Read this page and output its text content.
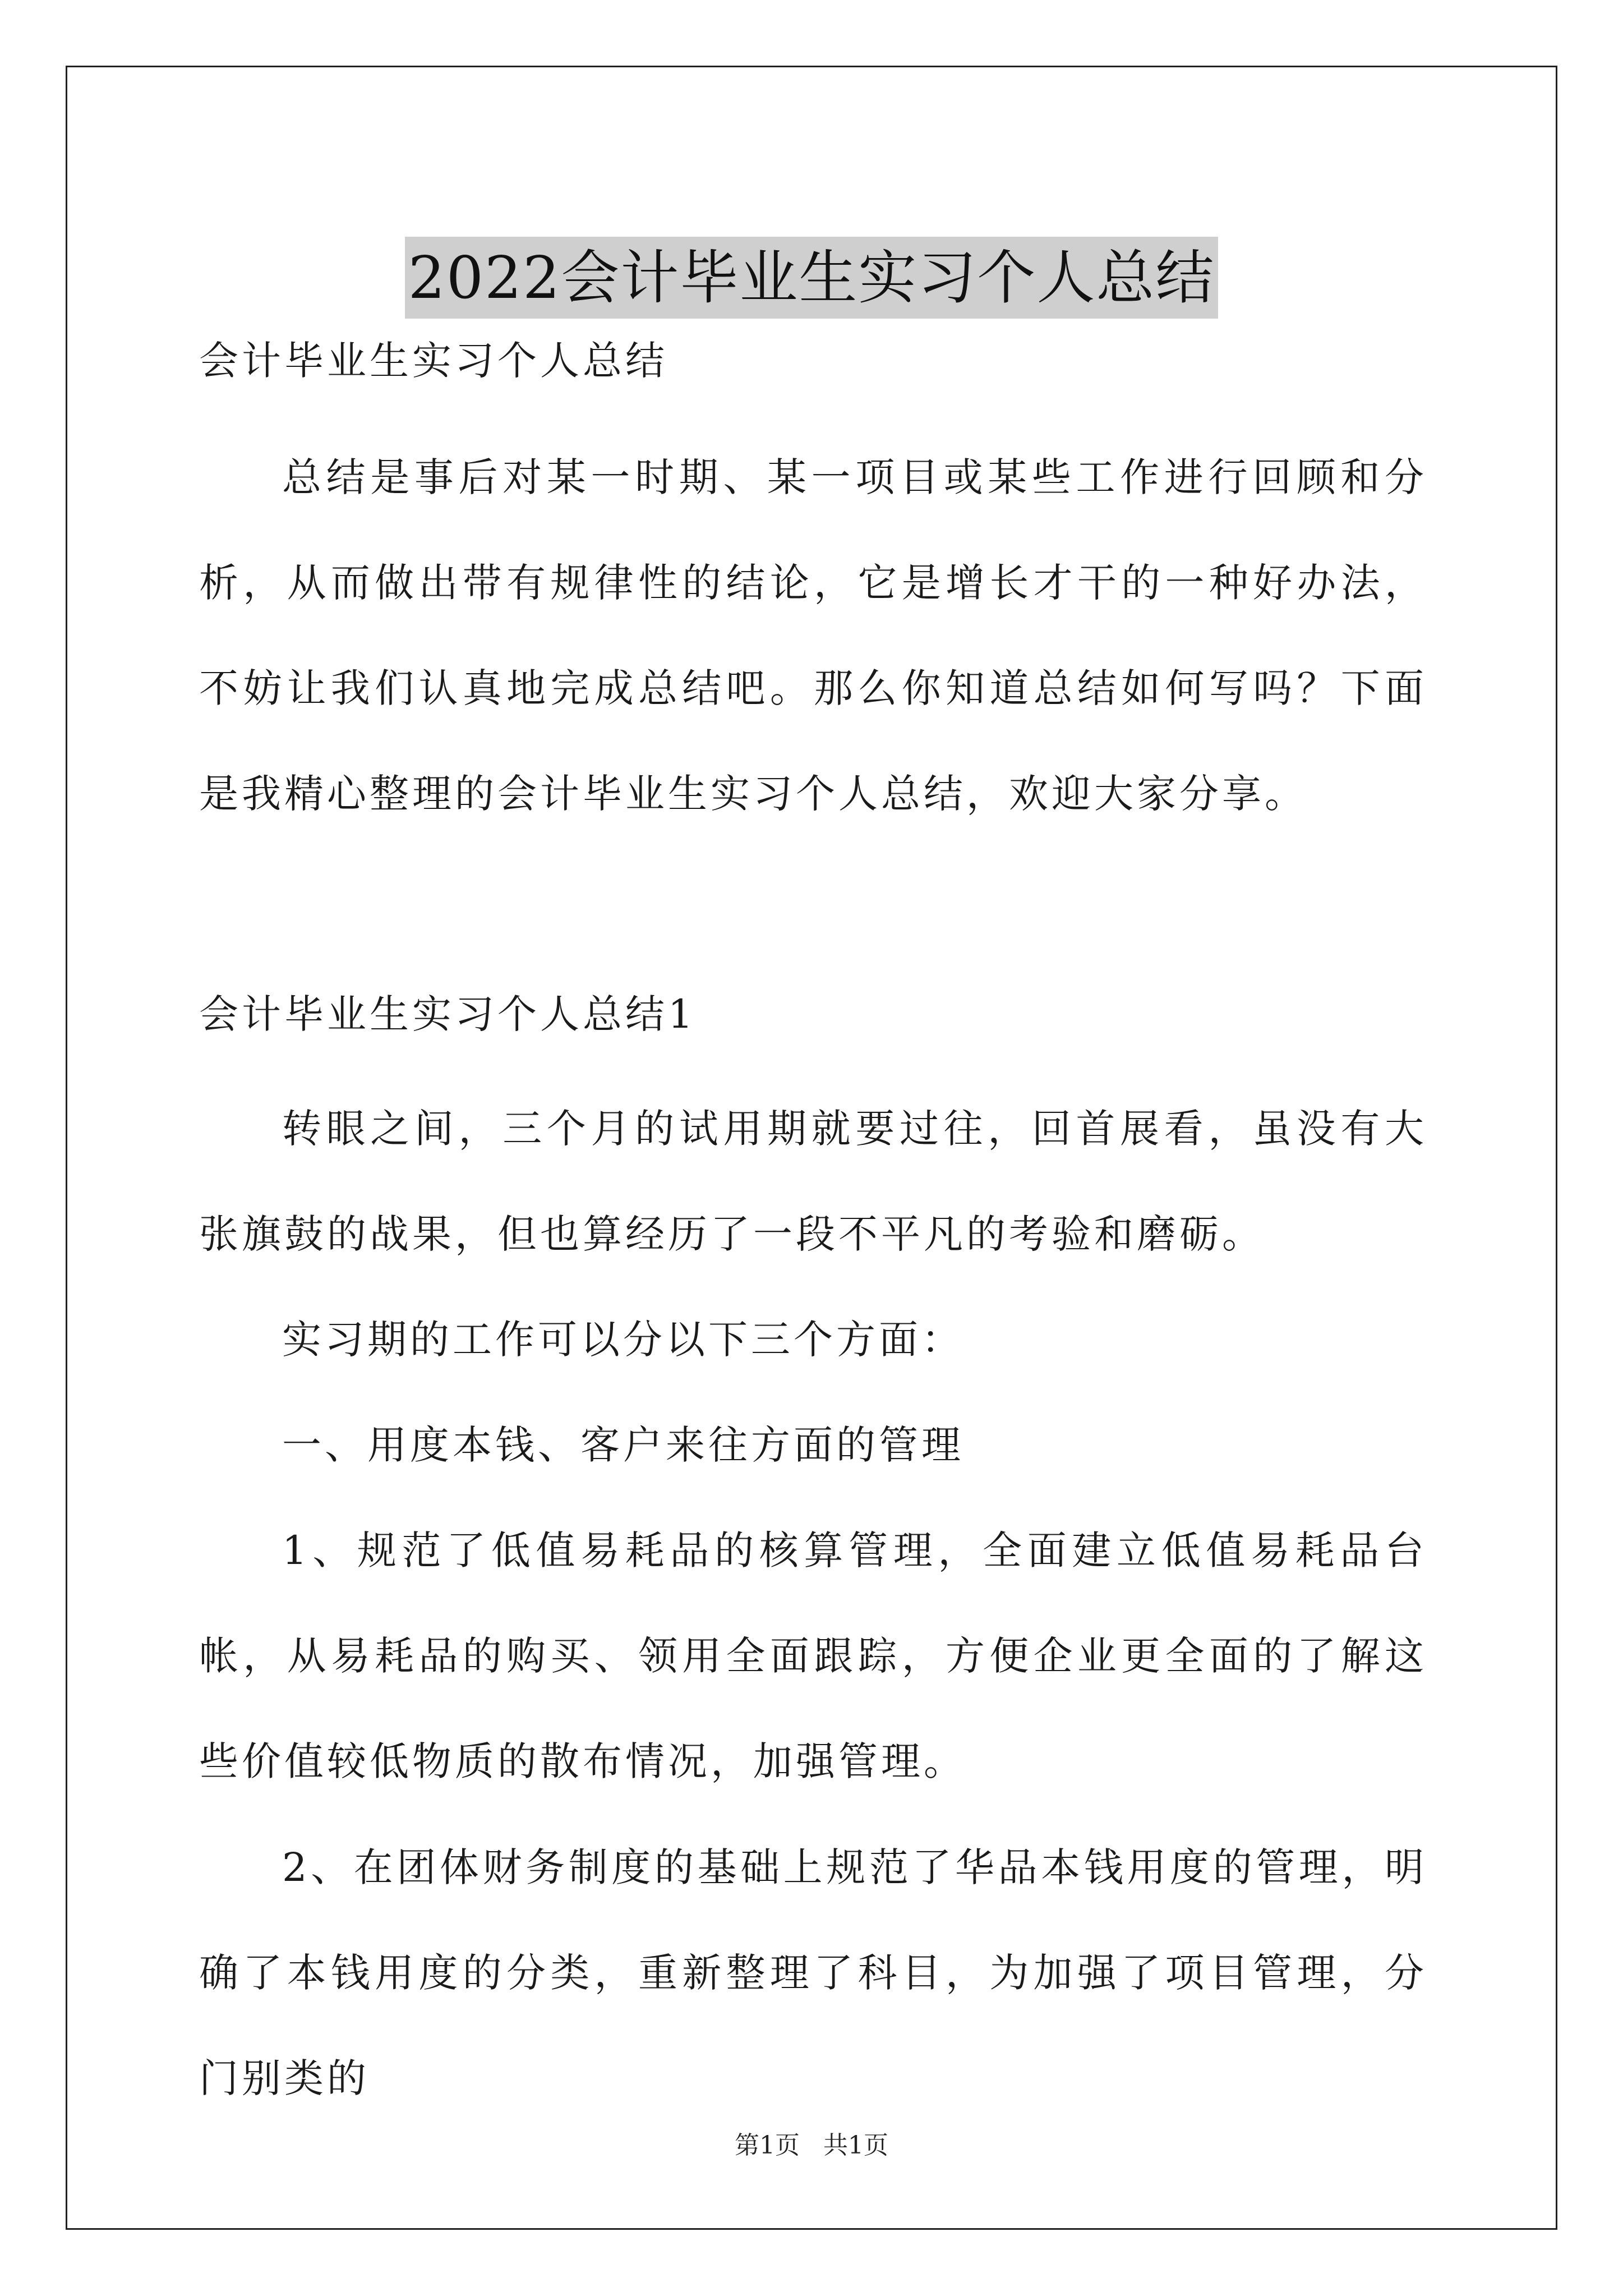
2022会计毕业生实习个人总结
会计毕业生实习个人总结
总结是事后对某一时期、某一项目或某些工作进行回顾和分析，从而做出带有规律性的结论，它是增长才干的一种好办法，不妨让我们认真地完成总结吧。那么你知道总结如何写吗？下面是我精心整理的会计毕业生实习个人总结，欢迎大家分享。
会计毕业生实习个人总结1
转眼之间，三个月的试用期就要过往，回首展看，虽没有大张旗鼓的战果，但也算经历了一段不平凡的考验和磨砺。
实习期的工作可以分以下三个方面：
一、用度本钱、客户来往方面的管理
1、规范了低值易耗品的核算管理，全面建立低值易耗品台帐，从易耗品的购买、领用全面跟踪，方便企业更全面的了解这些价值较低物质的散布情况，加强管理。
2、在团体财务制度的基础上规范了华品本钱用度的管理，明确了本钱用度的分类，重新整理了科目，为加强了项目管理，分门别类的
第1页 共1页
